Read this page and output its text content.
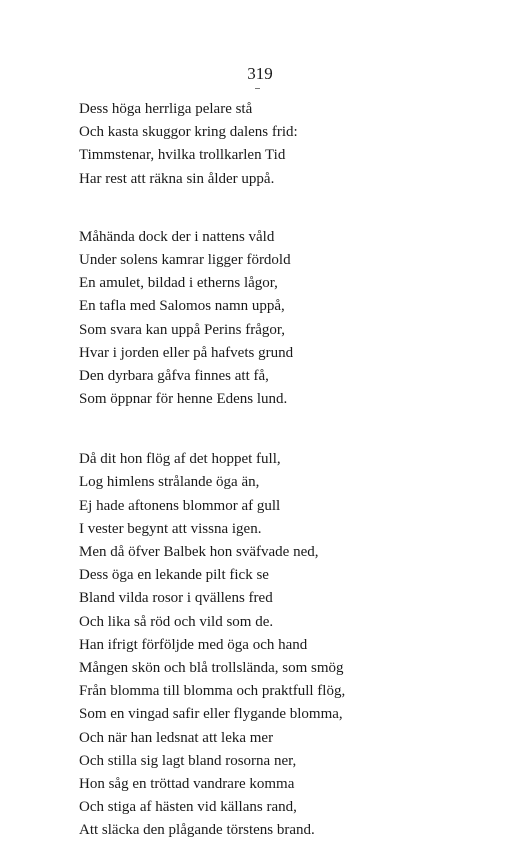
319
Dess höga herrliga pelare stå
Och kasta skuggor kring dalens frid:
Timmstenar, hvilka trollkarlen Tid
Har rest att räkna sin ålder uppå.
Måhända dock der i nattens våld
Under solens kamrar ligger fördold
En amulet, bildad i etherns lågor,
En tafla med Salomos namn uppå,
Som svara kan uppå Perins frågor,
Hvar i jorden eller på hafvets grund
Den dyrbara gåfva finnes att få,
Som öppnar för henne Edens lund.
Då dit hon flög af det hoppet full,
Log himlens strålande öga än,
Ej hade aftonens blommor af gull
I vester begynt att vissna igen.
Men då öfver Balbek hon sväfvade ned,
Dess öga en lekande pilt fick se
Bland vilda rosor i qvällens fred
Och lika så röd och vild som de.
Han ifrigt förföljde med öga och hand
Mången skön och blå trollslända, som smög
Från blomma till blomma och praktfull flög,
Som en vingad safir eller flygande blomma,
Och när han ledsnat att leka mer
Och stilla sig lagt bland rosorna ner,
Hon såg en tröttad vandrare komma
Och stiga af hästen vid källans rand,
Att släcka den plågande törstens brand.
